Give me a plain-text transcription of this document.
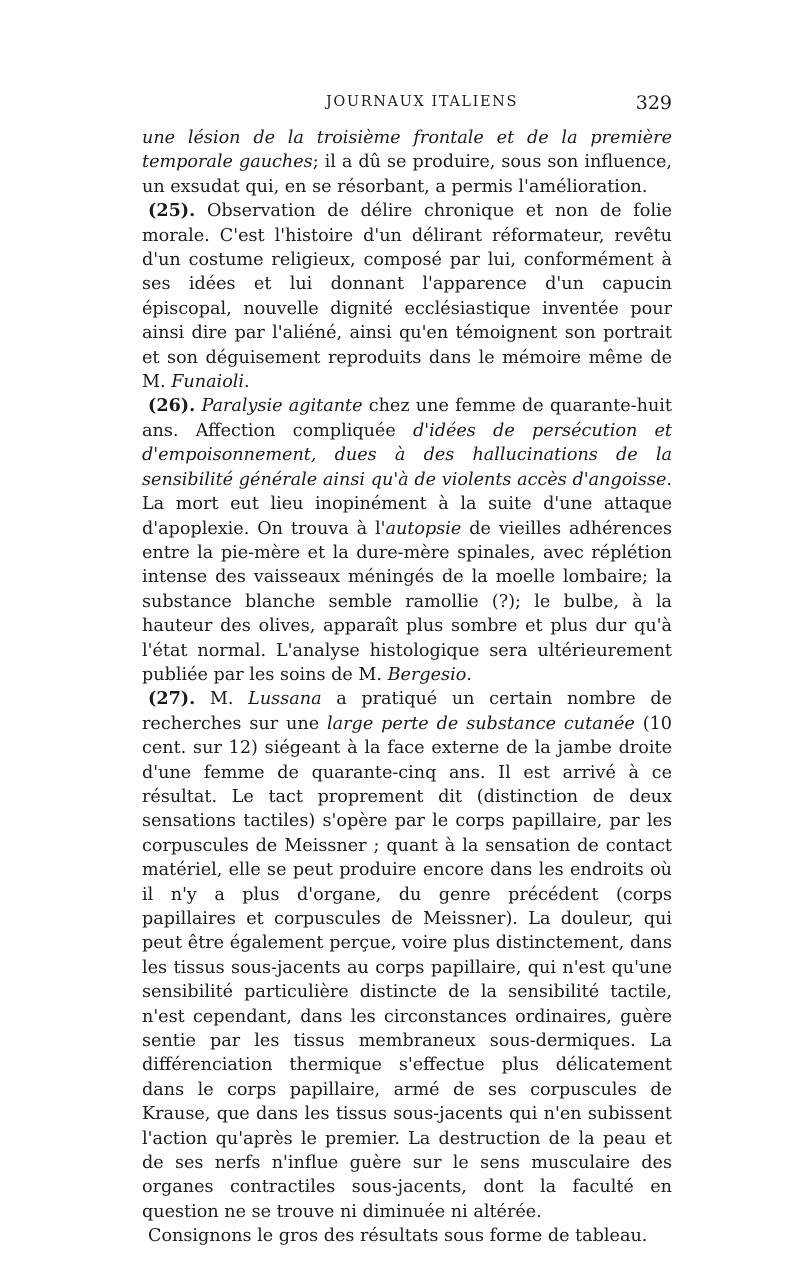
JOURNAUX ITALIENS	329

une lésion de la troisième frontale et de la première temporale gauches; il a dû se produire, sous son influence, un exsudat qui, en se résorbant, a permis l'amélioration.

(25). Observation de délire chronique et non de folie morale. C'est l'histoire d'un délirant réformateur, revêtu d'un costume religieux, composé par lui, conformément à ses idées et lui donnant l'apparence d'un capucin épiscopal, nouvelle dignité ecclésiastique inventée pour ainsi dire par l'aliéné, ainsi qu'en témoignent son portrait et son déguisement reproduits dans le mémoire même de M. Funaioli.

(26). Paralysie agitante chez une femme de quarante-huit ans. Affection compliquée d'idées de persécution et d'empoisonnement, dues à des hallucinations de la sensibilité générale ainsi qu'à de violents accès d'angoisse. La mort eut lieu inopinément à la suite d'une attaque d'apoplexie. On trouva à l'autopsie de vieilles adhérences entre la pie-mère et la dure-mère spinales, avec réplétion intense des vaisseaux méningés de la moelle lombaire; la substance blanche semble ramollie (?); le bulbe, à la hauteur des olives, apparaît plus sombre et plus dur qu'à l'état normal. L'analyse histologique sera ultérieurement publiée par les soins de M. Bergesio.

(27). M. Lussana a pratiqué un certain nombre de recherches sur une large perte de substance cutanée (10 cent. sur 12) siégeant à la face externe de la jambe droite d'une femme de quarante-cinq ans. Il est arrivé à ce résultat. Le tact proprement dit (distinction de deux sensations tactiles) s'opère par le corps papillaire, par les corpuscules de Meissner ; quant à la sensation de contact matériel, elle se peut produire encore dans les endroits où il n'y a plus d'organe, du genre précédent (corps papillaires et corpuscules de Meissner). La douleur, qui peut être également perçue, voire plus distinctement, dans les tissus sous-jacents au corps papillaire, qui n'est qu'une sensibilité particulière distincte de la sensibilité tactile, n'est cependant, dans les circonstances ordinaires, guère sentie par les tissus membraneux sous-dermiques. La différenciation thermique s'effectue plus délicatement dans le corps papillaire, armé de ses corpuscules de Krause, que dans les tissus sous-jacents qui n'en subissent l'action qu'après le premier. La destruction de la peau et de ses nerfs n'influe guère sur le sens musculaire des organes contractiles sous-jacents, dont la faculté en question ne se trouve ni diminuée ni altérée.

Consignons le gros des résultats sous forme de tableau.
